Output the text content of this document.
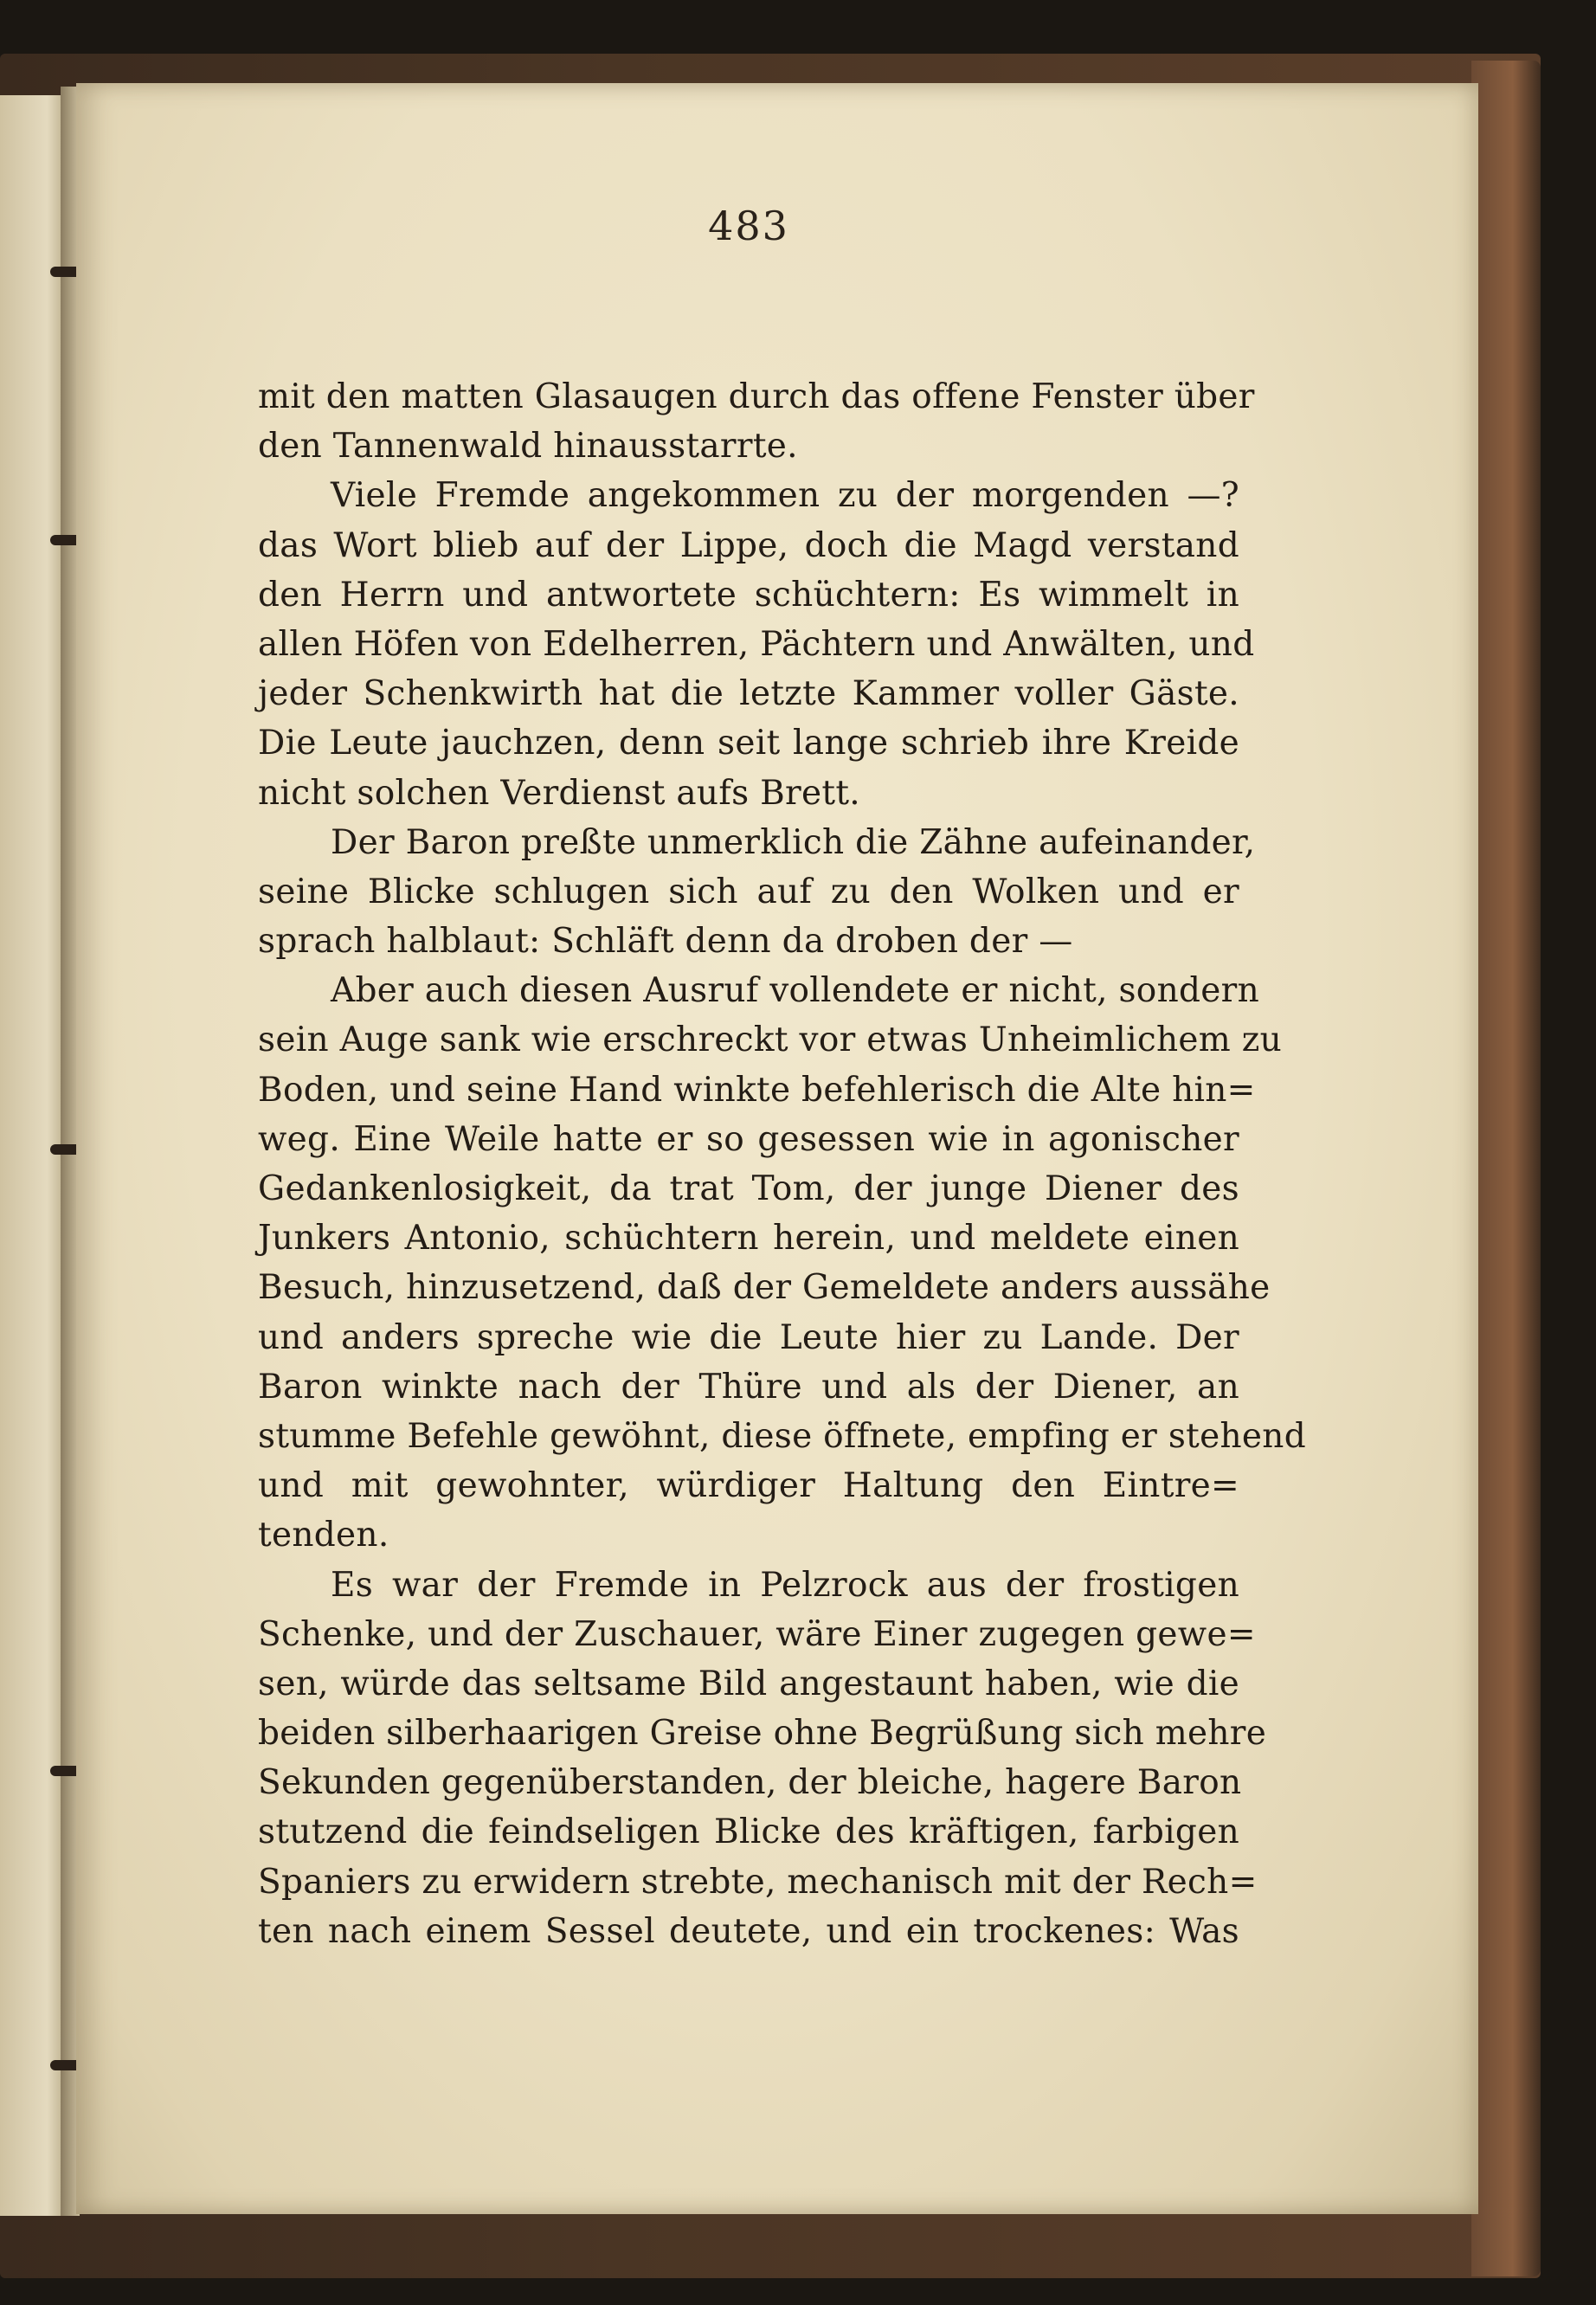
483
mit den matten Glasaugen durch das offene Fenster über
den Tannenwald hinausstarrte.
Viele Fremde angekommen zu der morgenden —?
das Wort blieb auf der Lippe, doch die Magd verstand
den Herrn und antwortete schüchtern: Es wimmelt in
allen Höfen von Edelherren, Pächtern und Anwälten, und
jeder Schenkwirth hat die letzte Kammer voller Gäste.
Die Leute jauchzen, denn seit lange schrieb ihre Kreide
nicht solchen Verdienst aufs Brett.
Der Baron preßte unmerklich die Zähne aufeinander,
seine Blicke schlugen sich auf zu den Wolken und er
sprach halblaut: Schläft denn da droben der —
Aber auch diesen Ausruf vollendete er nicht, sondern
sein Auge sank wie erschreckt vor etwas Unheimlichem zu
Boden, und seine Hand winkte befehlerisch die Alte hin=
weg. Eine Weile hatte er so gesessen wie in agonischer
Gedankenlosigkeit, da trat Tom, der junge Diener des
Junkers Antonio, schüchtern herein, und meldete einen
Besuch, hinzusetzend, daß der Gemeldete anders aussähe
und anders spreche wie die Leute hier zu Lande. Der
Baron winkte nach der Thüre und als der Diener, an
stumme Befehle gewöhnt, diese öffnete, empfing er stehend
und mit gewohnter, würdiger Haltung den Eintre=
tenden.
Es war der Fremde in Pelzrock aus der frostigen
Schenke, und der Zuschauer, wäre Einer zugegen gewe=
sen, würde das seltsame Bild angestaunt haben, wie die
beiden silberhaarigen Greise ohne Begrüßung sich mehre
Sekunden gegenüberstanden, der bleiche, hagere Baron
stutzend die feindseligen Blicke des kräftigen, farbigen
Spaniers zu erwidern strebte, mechanisch mit der Rech=
ten nach einem Sessel deutete, und ein trockenes: Was
